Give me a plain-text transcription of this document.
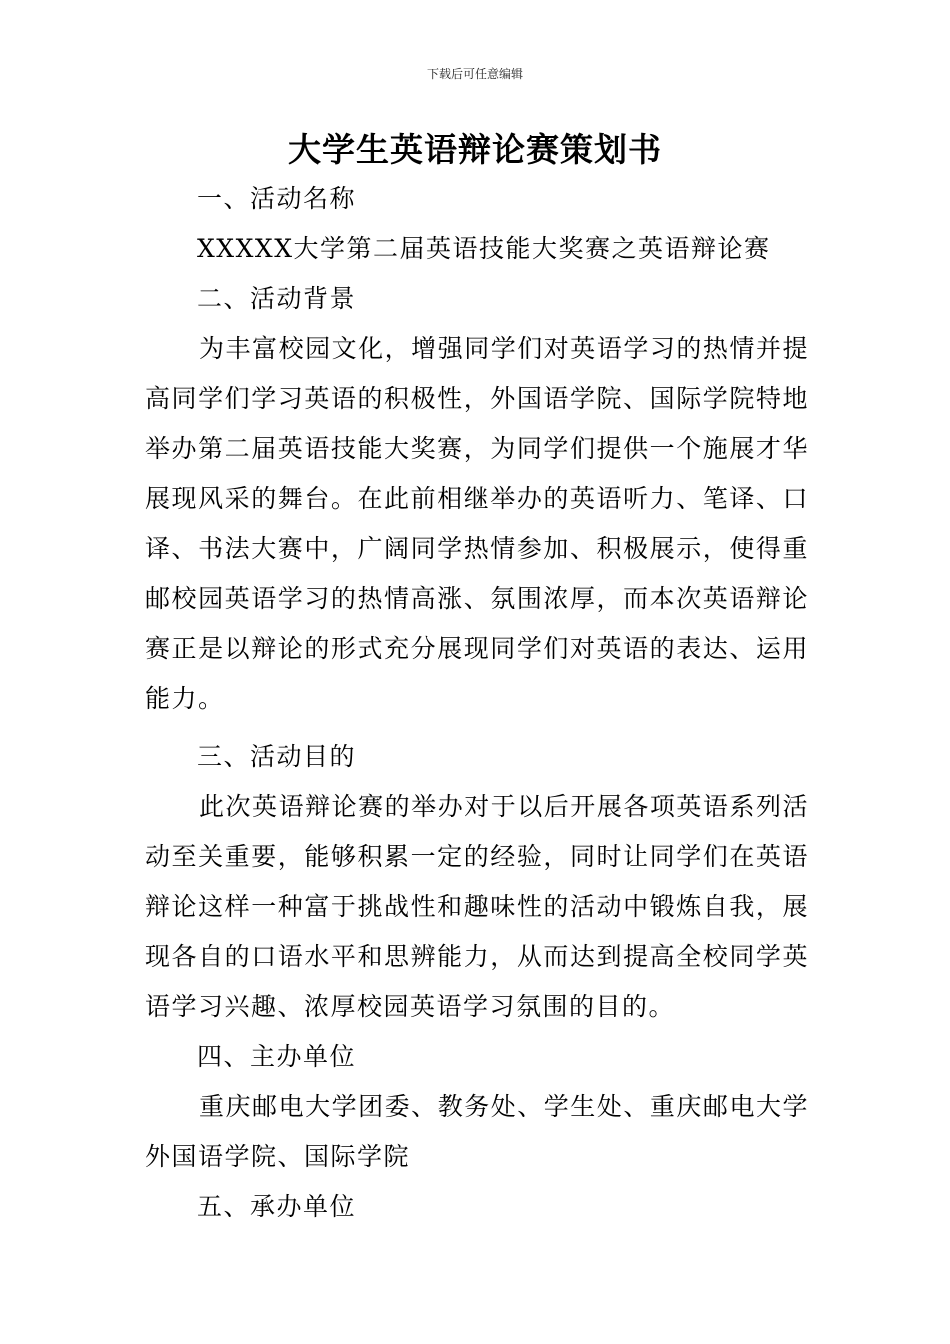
下载后可任意编辑
大学生英语辩论赛策划书

一、活动名称

XXXXX大学第二届英语技能大奖赛之英语辩论赛

二、活动背景

为丰富校园文化，增强同学们对英语学习的热情并提高同学们学习英语的积极性，外国语学院、国际学院特地举办第二届英语技能大奖赛，为同学们提供一个施展才华展现风采的舞台。在此前相继举办的英语听力、笔译、口译、书法大赛中，广阔同学热情参加、积极展示，使得重邮校园英语学习的热情高涨、氛围浓厚，而本次英语辩论赛正是以辩论的形式充分展现同学们对英语的表达、运用能力。

三、活动目的

此次英语辩论赛的举办对于以后开展各项英语系列活动至关重要，能够积累一定的经验，同时让同学们在英语辩论这样一种富于挑战性和趣味性的活动中锻炼自我，展现各自的口语水平和思辨能力，从而达到提高全校同学英语学习兴趣、浓厚校园英语学习氛围的目的。

四、主办单位

重庆邮电大学团委、教务处、学生处、重庆邮电大学外国语学院、国际学院

五、承办单位
